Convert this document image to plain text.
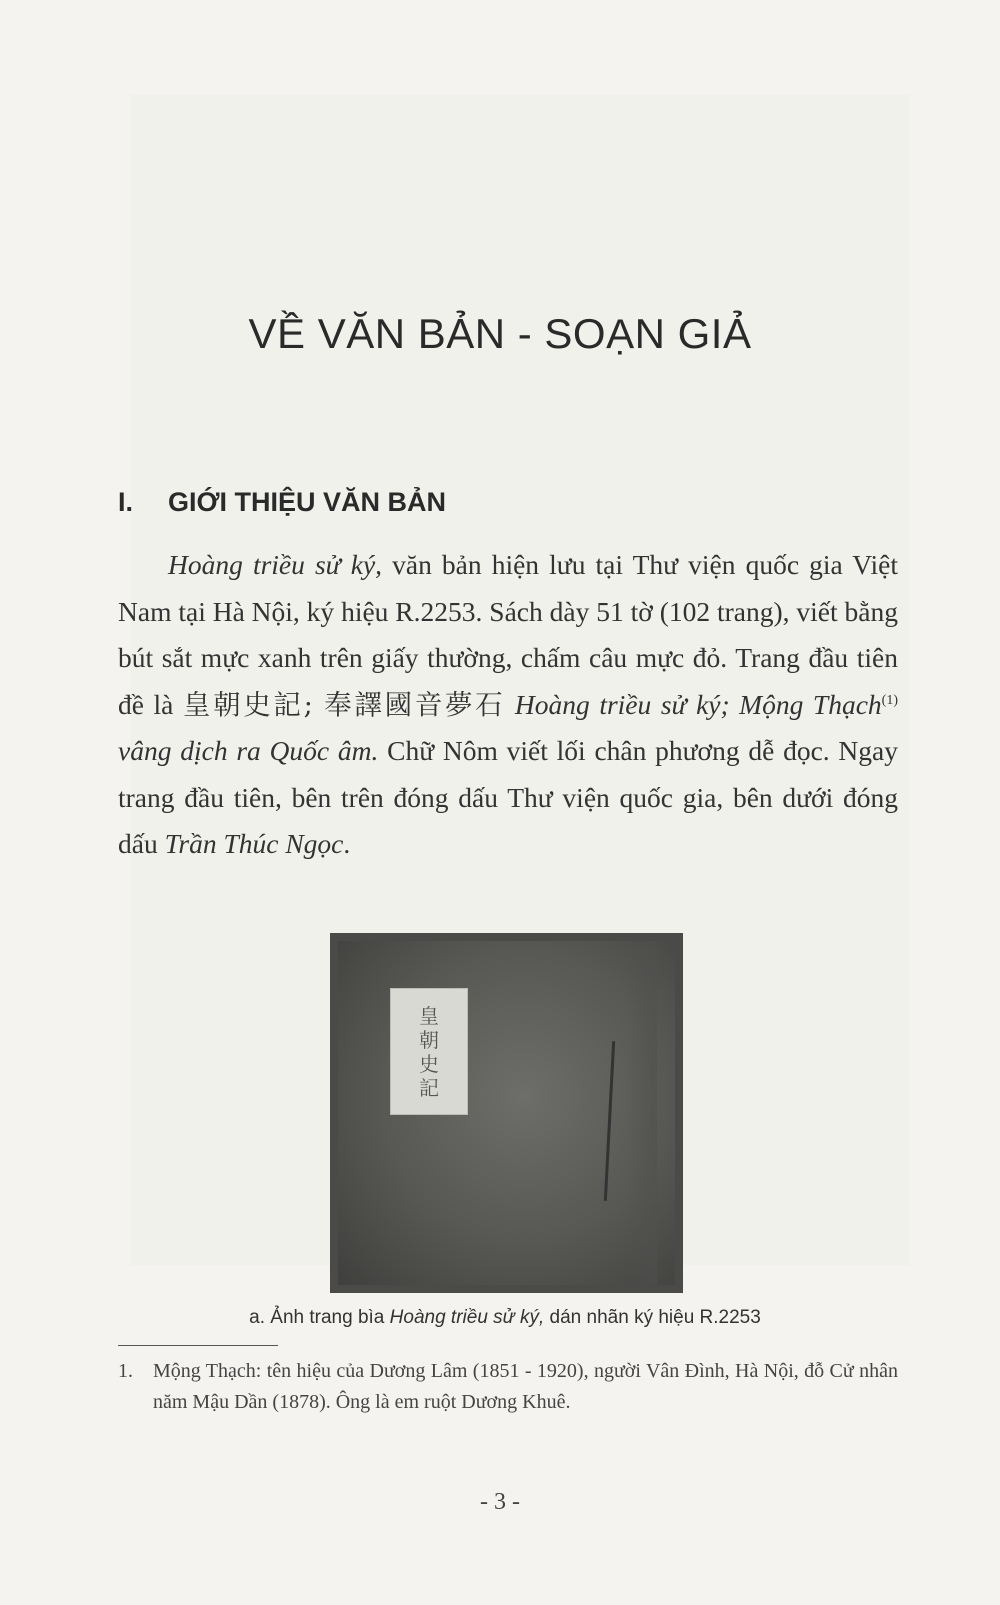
VỀ VĂN BẢN - SOẠN GIẢ
I. GIỚI THIỆU VĂN BẢN

Hoàng triều sử ký, văn bản hiện lưu tại Thư viện quốc gia Việt Nam tại Hà Nội, ký hiệu R.2253. Sách dày 51 tờ (102 trang), viết bằng bút sắt mực xanh trên giấy thường, chấm câu mực đỏ. Trang đầu tiên đề là 皇朝史記; 奉譯國音夢石 Hoàng triều sử ký; Mộng Thạch$^{(1)}$ vâng dịch ra Quốc âm. Chữ Nôm viết lối chân phương dễ đọc. Ngay trang đầu tiên, bên trên đóng dấu Thư viện quốc gia, bên dưới đóng dấu Trần Thúc Ngọc.

皇
朝
史
記
a. Ảnh trang bìa Hoàng triều sử ký, dán nhãn ký hiệu R.2253
1.	Mộng Thạch: tên hiệu của Dương Lâm (1851 - 1920), người Vân Đình, Hà Nội, đỗ Cử nhân năm Mậu Dần (1878). Ông là em ruột Dương Khuê.
- 3 -
